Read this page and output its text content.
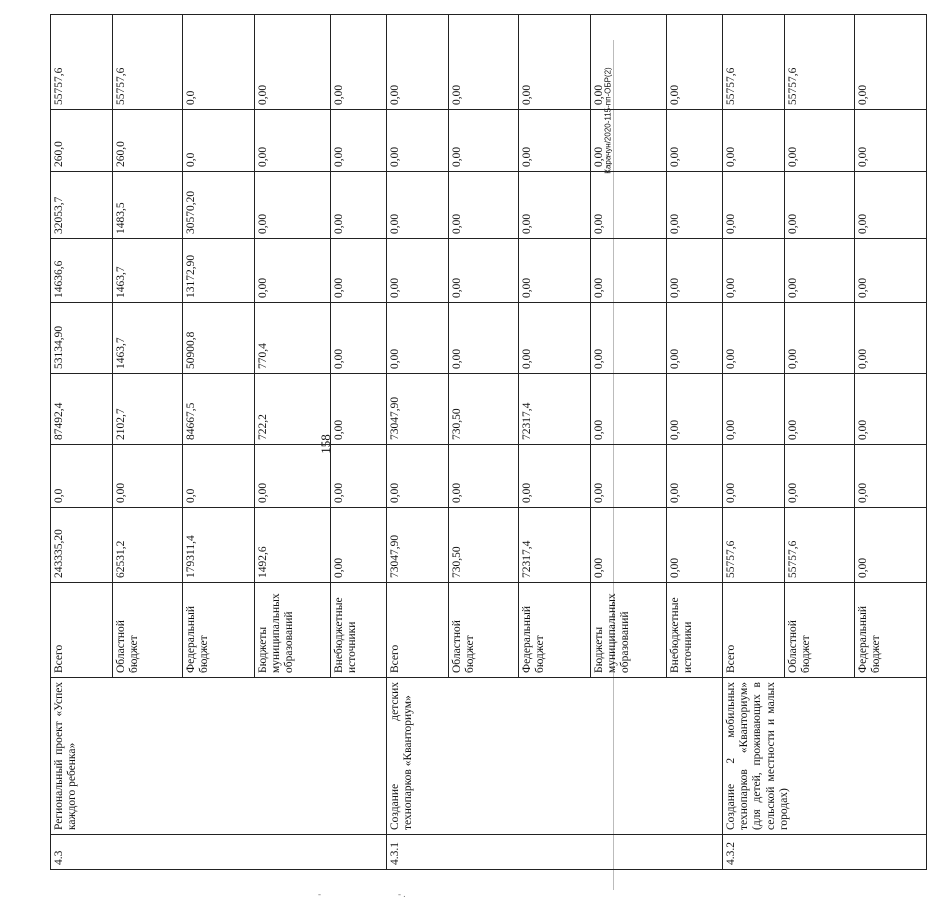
158
Карачун/2020-115-пп-ОБР(2)
-	- .
4.3	Региональный проект «Успех каждого ребенка»	Всего	243335,20	0,0	87492,4	53134,90	14636,6	32053,7	260,0	55757,6
		Областной бюджет	62531,2	0,00	2102,7	1463,7	1463,7	1483,5	260,0	55757,6
		Федеральный бюджет	179311,4	0,0	84667,5	50900,8	13172,90	30570,20	0,0	0,0
		Бюджеты муниципальных образований	1492,6	0,00	722,2	770,4	0,00	0,00	0,00	0,00
		Внебюджетные источники	0,00	0,00	0,00	0,00	0,00	0,00	0,00	0,00
4.3.1	Создание детских технопарков «Кванториум»	Всего	73047,90	0,00	73047,90	0,00	0,00	0,00	0,00	0,00
		Областной бюджет	730,50	0,00	730,50	0,00	0,00	0,00	0,00	0,00
		Федеральный бюджет	72317,4	0,00	72317,4	0,00	0,00	0,00	0,00	0,00
		Бюджеты муниципальных образований	0,00	0,00	0,00	0,00	0,00	0,00	0,00	0,00
		Внебюджетные источники	0,00	0,00	0,00	0,00	0,00	0,00	0,00	0,00
4.3.2	Создание 2 мобильных технопарков «Кванториум» (для детей, проживающих в сельской местности и малых городах)	Всего	55757,6	0,00	0,00	0,00	0,00	0,00	0,00	55757,6
		Областной бюджет	55757,6	0,00	0,00	0,00	0,00	0,00	0,00	55757,6
		Федеральный бюджет	0,00	0,00	0,00	0,00	0,00	0,00	0,00	0,00
